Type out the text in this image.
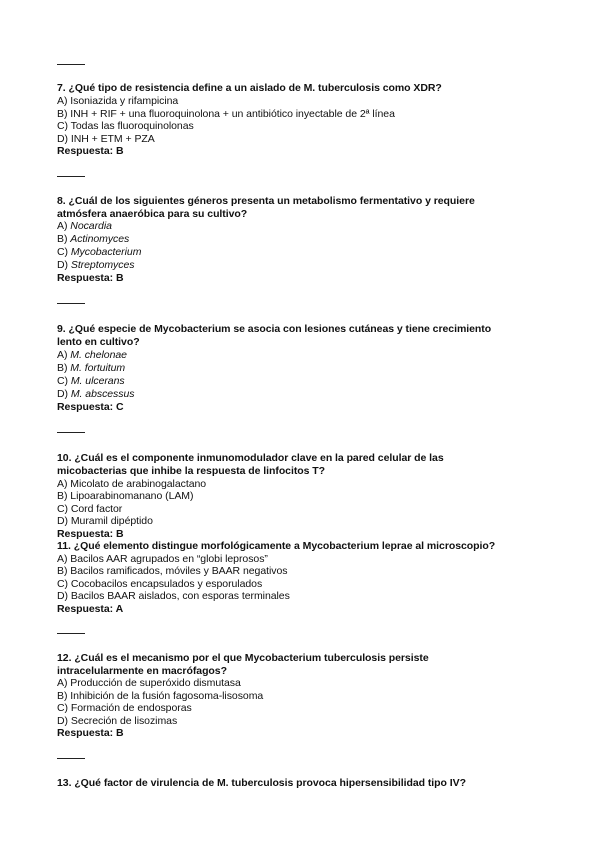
7. ¿Qué tipo de resistencia define a un aislado de M. tuberculosis como XDR?
A) Isoniazida y rifampicina
B) INH + RIF + una fluoroquinolona + un antibiótico inyectable de 2ª línea
C) Todas las fluoroquinolonas
D) INH + ETM + PZA
Respuesta: B
8. ¿Cuál de los siguientes géneros presenta un metabolismo fermentativo y requiere
atmósfera anaeróbica para su cultivo?
A) Nocardia
B) Actinomyces
C) Mycobacterium
D) Streptomyces
Respuesta: B
9. ¿Qué especie de Mycobacterium se asocia con lesiones cutáneas y tiene crecimiento
lento en cultivo?
A) M. chelonae
B) M. fortuitum
C) M. ulcerans
D) M. abscessus
Respuesta: C
10. ¿Cuál es el componente inmunomodulador clave en la pared celular de las
micobacterias que inhibe la respuesta de linfocitos T?
A) Micolato de arabinogalactano
B) Lipoarabinomanano (LAM)
C) Cord factor
D) Muramil dipéptido
Respuesta: B
11. ¿Qué elemento distingue morfológicamente a Mycobacterium leprae al microscopio?
A) Bacilos AAR agrupados en “globi leprosos”
B) Bacilos ramificados, móviles y BAAR negativos
C) Cocobacilos encapsulados y esporulados
D) Bacilos BAAR aislados, con esporas terminales
Respuesta: A
12. ¿Cuál es el mecanismo por el que Mycobacterium tuberculosis persiste
intracelularmente en macrófagos?
A) Producción de superóxido dismutasa
B) Inhibición de la fusión fagosoma-lisosoma
C) Formación de endosporas
D) Secreción de lisozimas
Respuesta: B
13. ¿Qué factor de virulencia de M. tuberculosis provoca hipersensibilidad tipo IV?
